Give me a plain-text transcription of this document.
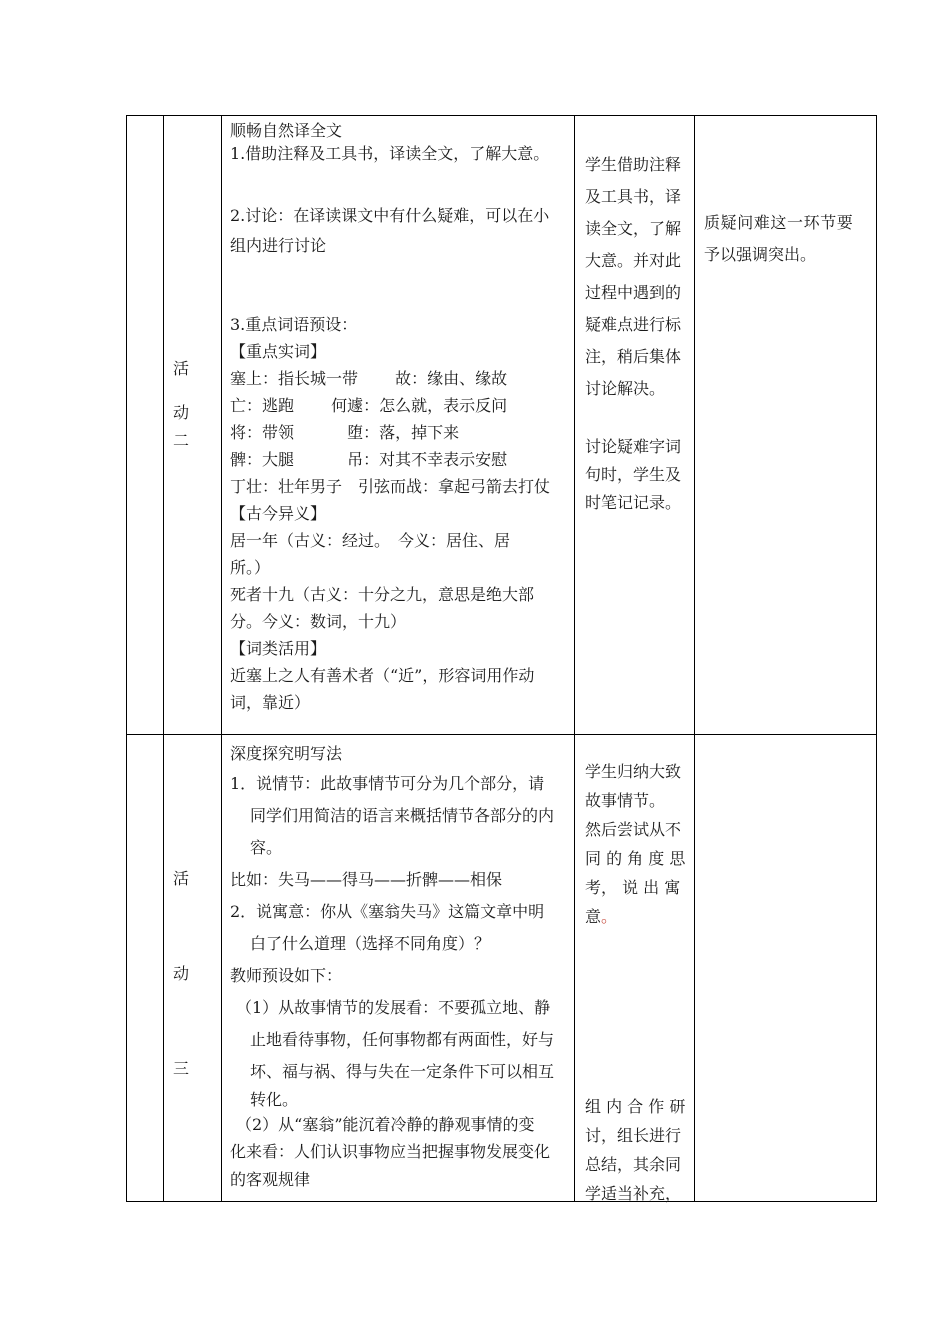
活
动
二
顺畅自然译全文
1.借助注释及工具书，译读全文，了解大意。
2.讨论：在译读课文中有什么疑难，可以在小
组内进行讨论
3.重点词语预设：
【重点实词】
塞上：指长城一带　　 故：缘由、缘故
亡：逃跑　　 何遽：怎么就，表示反问
将：带领　　　 堕：落，掉下来
髀：大腿　　　 吊：对其不幸表示安慰
丁壮：壮年男子　引弦而战：拿起弓箭去打仗
【古今异义】
居一年（古义：经过。　今义：居住、居
所。）
死者十九（古义：十分之九，意思是绝大部
分。今义：数词，十九）
【词类活用】
近塞上之人有善术者（“近”，形容词用作动
词，靠近）
学生借助注释
及工具书，译
读全文，了解
大意。并对此
过程中遇到的
疑难点进行标
注，稍后集体
讨论解决。
讨论疑难字词
句时，学生及
时笔记记录。
质疑问难这一环节要
予以强调突出。
活
动
三
深度探究明写法
1．说情节：此故事情节可分为几个部分，请
同学们用简洁的语言来概括情节各部分的内
容。
比如：失马——得马——折髀——相保
2．说寓意：你从《塞翁失马》这篇文章中明
白了什么道理（选择不同角度）？
教师预设如下：
（1）从故事情节的发展看：不要孤立地、静
止地看待事物，任何事物都有两面性，好与
坏、福与祸、得与失在一定条件下可以相互
转化。
（2）从“塞翁”能沉着冷静的静观事情的变
化来看：人们认识事物应当把握事物发展变化
的客观规律
学生归纳大致
故事情节。
然后尝试从不
同 的 角 度 思
考， 说 出 寓
意。
组 内 合 作 研
讨，组长进行
总结，其余同
学适当补充，
